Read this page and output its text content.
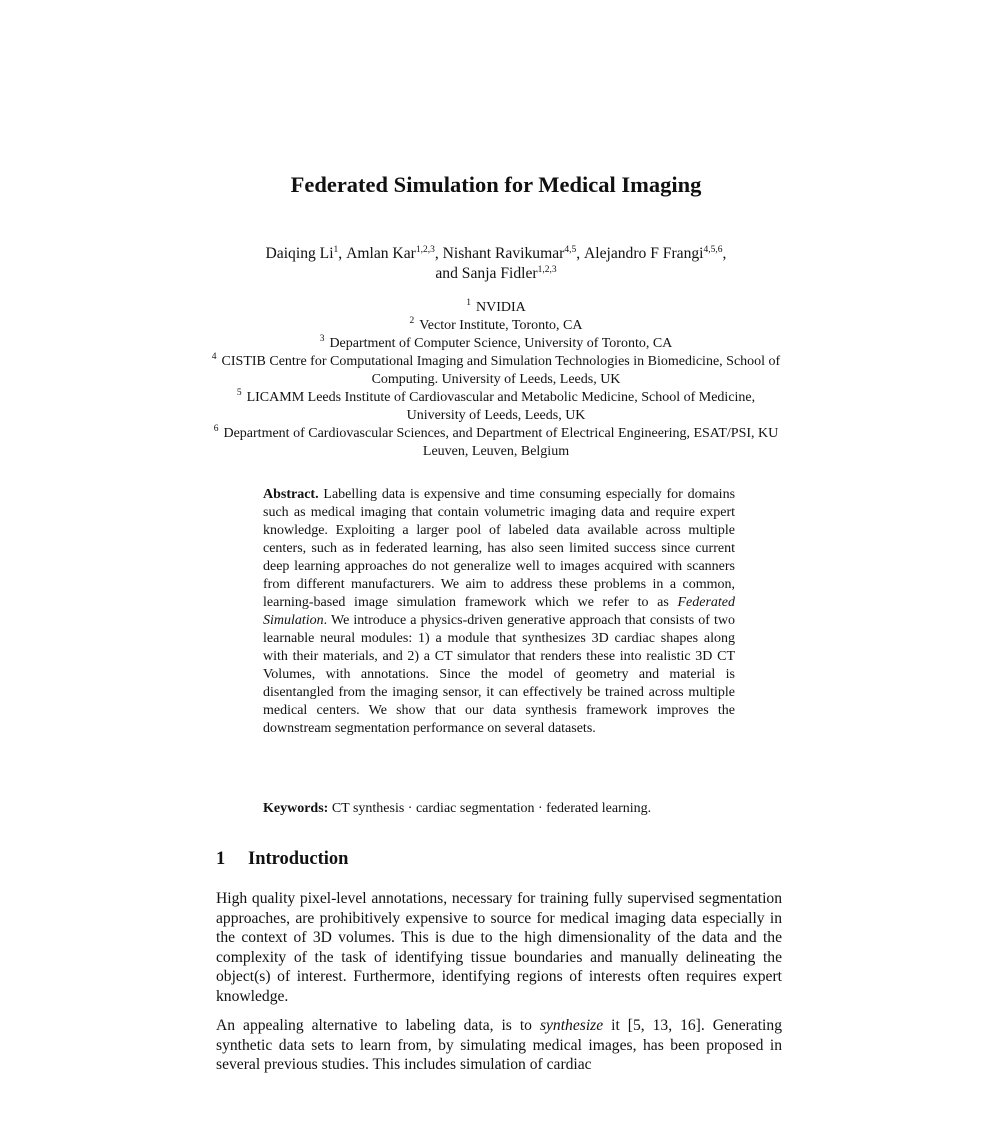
Federated Simulation for Medical Imaging
Daiqing Li$^1$, Amlan Kar$^{1,2,3}$, Nishant Ravikumar$^{4,5}$, Alejandro F Frangi$^{4,5,6}$,
and Sanja Fidler$^{1,2,3}$
$^1$ NVIDIA
$^2$ Vector Institute, Toronto, CA
$^3$ Department of Computer Science, University of Toronto, CA
$^4$ CISTIB Centre for Computational Imaging and Simulation Technologies in Biomedicine, School of Computing. University of Leeds, Leeds, UK
$^5$ LICAMM Leeds Institute of Cardiovascular and Metabolic Medicine, School of Medicine, University of Leeds, Leeds, UK
$^6$ Department of Cardiovascular Sciences, and Department of Electrical Engineering, ESAT/PSI, KU Leuven, Leuven, Belgium
Abstract. Labelling data is expensive and time consuming especially for domains such as medical imaging that contain volumetric imaging data and require expert knowledge. Exploiting a larger pool of labeled data available across multiple centers, such as in federated learning, has also seen limited success since current deep learning approaches do not generalize well to images acquired with scanners from different manufacturers. We aim to address these problems in a common, learning-based image simulation framework which we refer to as Federated Simulation. We introduce a physics-driven generative approach that consists of two learnable neural modules: 1) a module that synthesizes 3D cardiac shapes along with their materials, and 2) a CT simulator that renders these into realistic 3D CT Volumes, with annotations. Since the model of geometry and material is disentangled from the imaging sensor, it can effectively be trained across multiple medical centers. We show that our data synthesis framework improves the downstream segmentation performance on several datasets.
Keywords: CT synthesis · cardiac segmentation · federated learning.
1 Introduction
High quality pixel-level annotations, necessary for training fully supervised segmentation approaches, are prohibitively expensive to source for medical imaging data especially in the context of 3D volumes. This is due to the high dimensionality of the data and the complexity of the task of identifying tissue boundaries and manually delineating the object(s) of interest. Furthermore, identifying regions of interests often requires expert knowledge.
An appealing alternative to labeling data, is to synthesize it [5, 13, 16]. Generating synthetic data sets to learn from, by simulating medical images, has been proposed in several previous studies. This includes simulation of cardiac
